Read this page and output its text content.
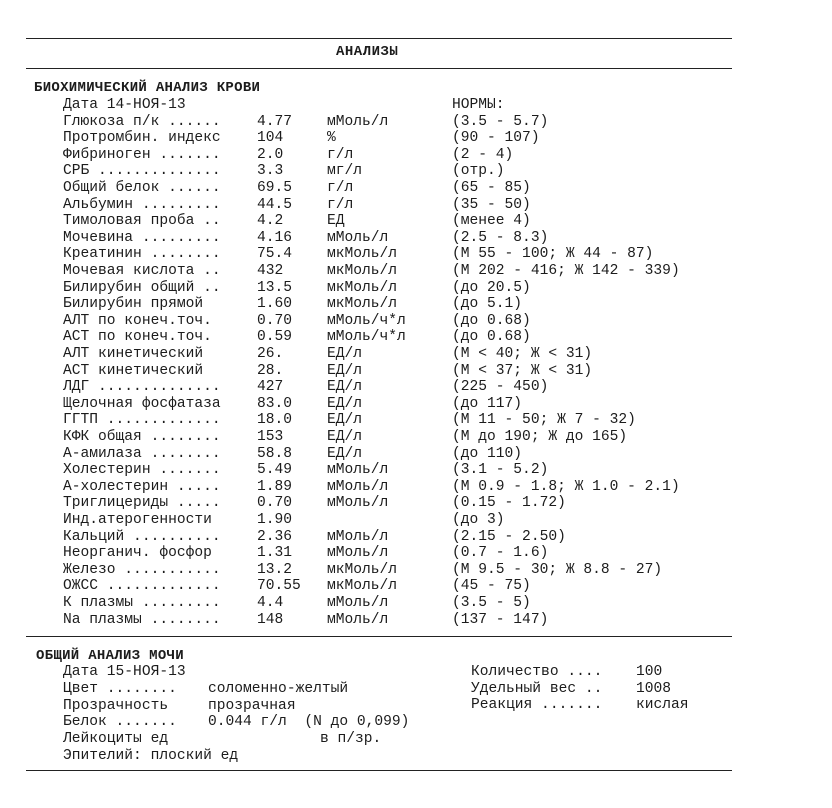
АНАЛИЗЫ
БИОХИМИЧЕСКИЙ АНАЛИЗ КРОВИ
Дата 14-НОЯ-13	НОРМЫ:
Глюкоза п/к ...... 4.77 мМоль/л	(3.5 - 5.7)
Протромбин. индекс 104	%	(90 - 107)
Фибриноген ....... 2.0	г/л	(2 - 4)
СРБ .............. 3.3	мг/л	(отр.)
Общий белок ...... 69.5 г/л	(65 - 85)
Альбумин ......... 44.5 г/л	(35 - 50)
Тимоловая проба .. 4.2	ЕД	(менее 4)
Мочевина ......... 4.16 мМоль/л	(2.5 - 8.3)
Креатинин ........ 75.4 мкМоль/л	(М 55 - 100; Ж 44 - 87)
Мочевая кислота .. 432	мкМоль/л	(М 202 - 416; Ж 142 - 339)
Билирубин общий .. 13.5 мкМоль/л	(до 20.5)
Билирубин прямой	1.60 мкМоль/л	(до 5.1)
АЛТ по конеч.точ.	0.70 мМоль/ч*л	(до 0.68)
АСТ по конеч.точ.	0.59 мМоль/ч*л	(до 0.68)
АЛТ кинетический	26.	ЕД/л	(М < 40; Ж < 31)
АСТ кинетический	28.	ЕД/л	(М < 37; Ж < 31)
ЛДГ .............. 427	ЕД/л	(225 - 450)
Щелочная фосфатаза 83.0 ЕД/л	(до 117)
ГГТП ............. 18.0 ЕД/л	(М 11 - 50; Ж 7 - 32)
КФК общая ........ 153	ЕД/л	(М до 190; Ж до 165)
А-амилаза ........ 58.8 ЕД/л	(до 110)
Холестерин ....... 5.49 мМоль/л	(3.1 - 5.2)
А-холестерин ..... 1.89 мМоль/л	(М 0.9 - 1.8; Ж 1.0 - 2.1)
Триглицериды ..... 0.70 мМоль/л	(0.15 - 1.72)
Инд.атерогенности	1.90	(до 3)
Кальций .......... 2.36 мМоль/л	(2.15 - 2.50)
Неорганич. фосфор	1.31 мМоль/л	(0.7 - 1.6)
Железо ........... 13.2 мкМоль/л	(М 9.5 - 30; Ж 8.8 - 27)
ОЖСС ............. 70.55 мкМоль/л	(45 - 75)
К плазмы ......... 4.4	мМоль/л	(3.5 - 5)
Na плазмы ........ 148	мМоль/л	(137 - 147)
ОБЩИЙ АНАЛИЗ МОЧИ
Дата 15-НОЯ-13
Цвет ........ соломенно-желтый
Прозрачность	прозрачная
Белок ....... 0.044 г/л  (N до 0,099)
Лейкоциты ед	в п/зр.
Эпителий: плоский ед
Количество .... 100
Удельный вес .. 1008
Реакция ....... кислая
